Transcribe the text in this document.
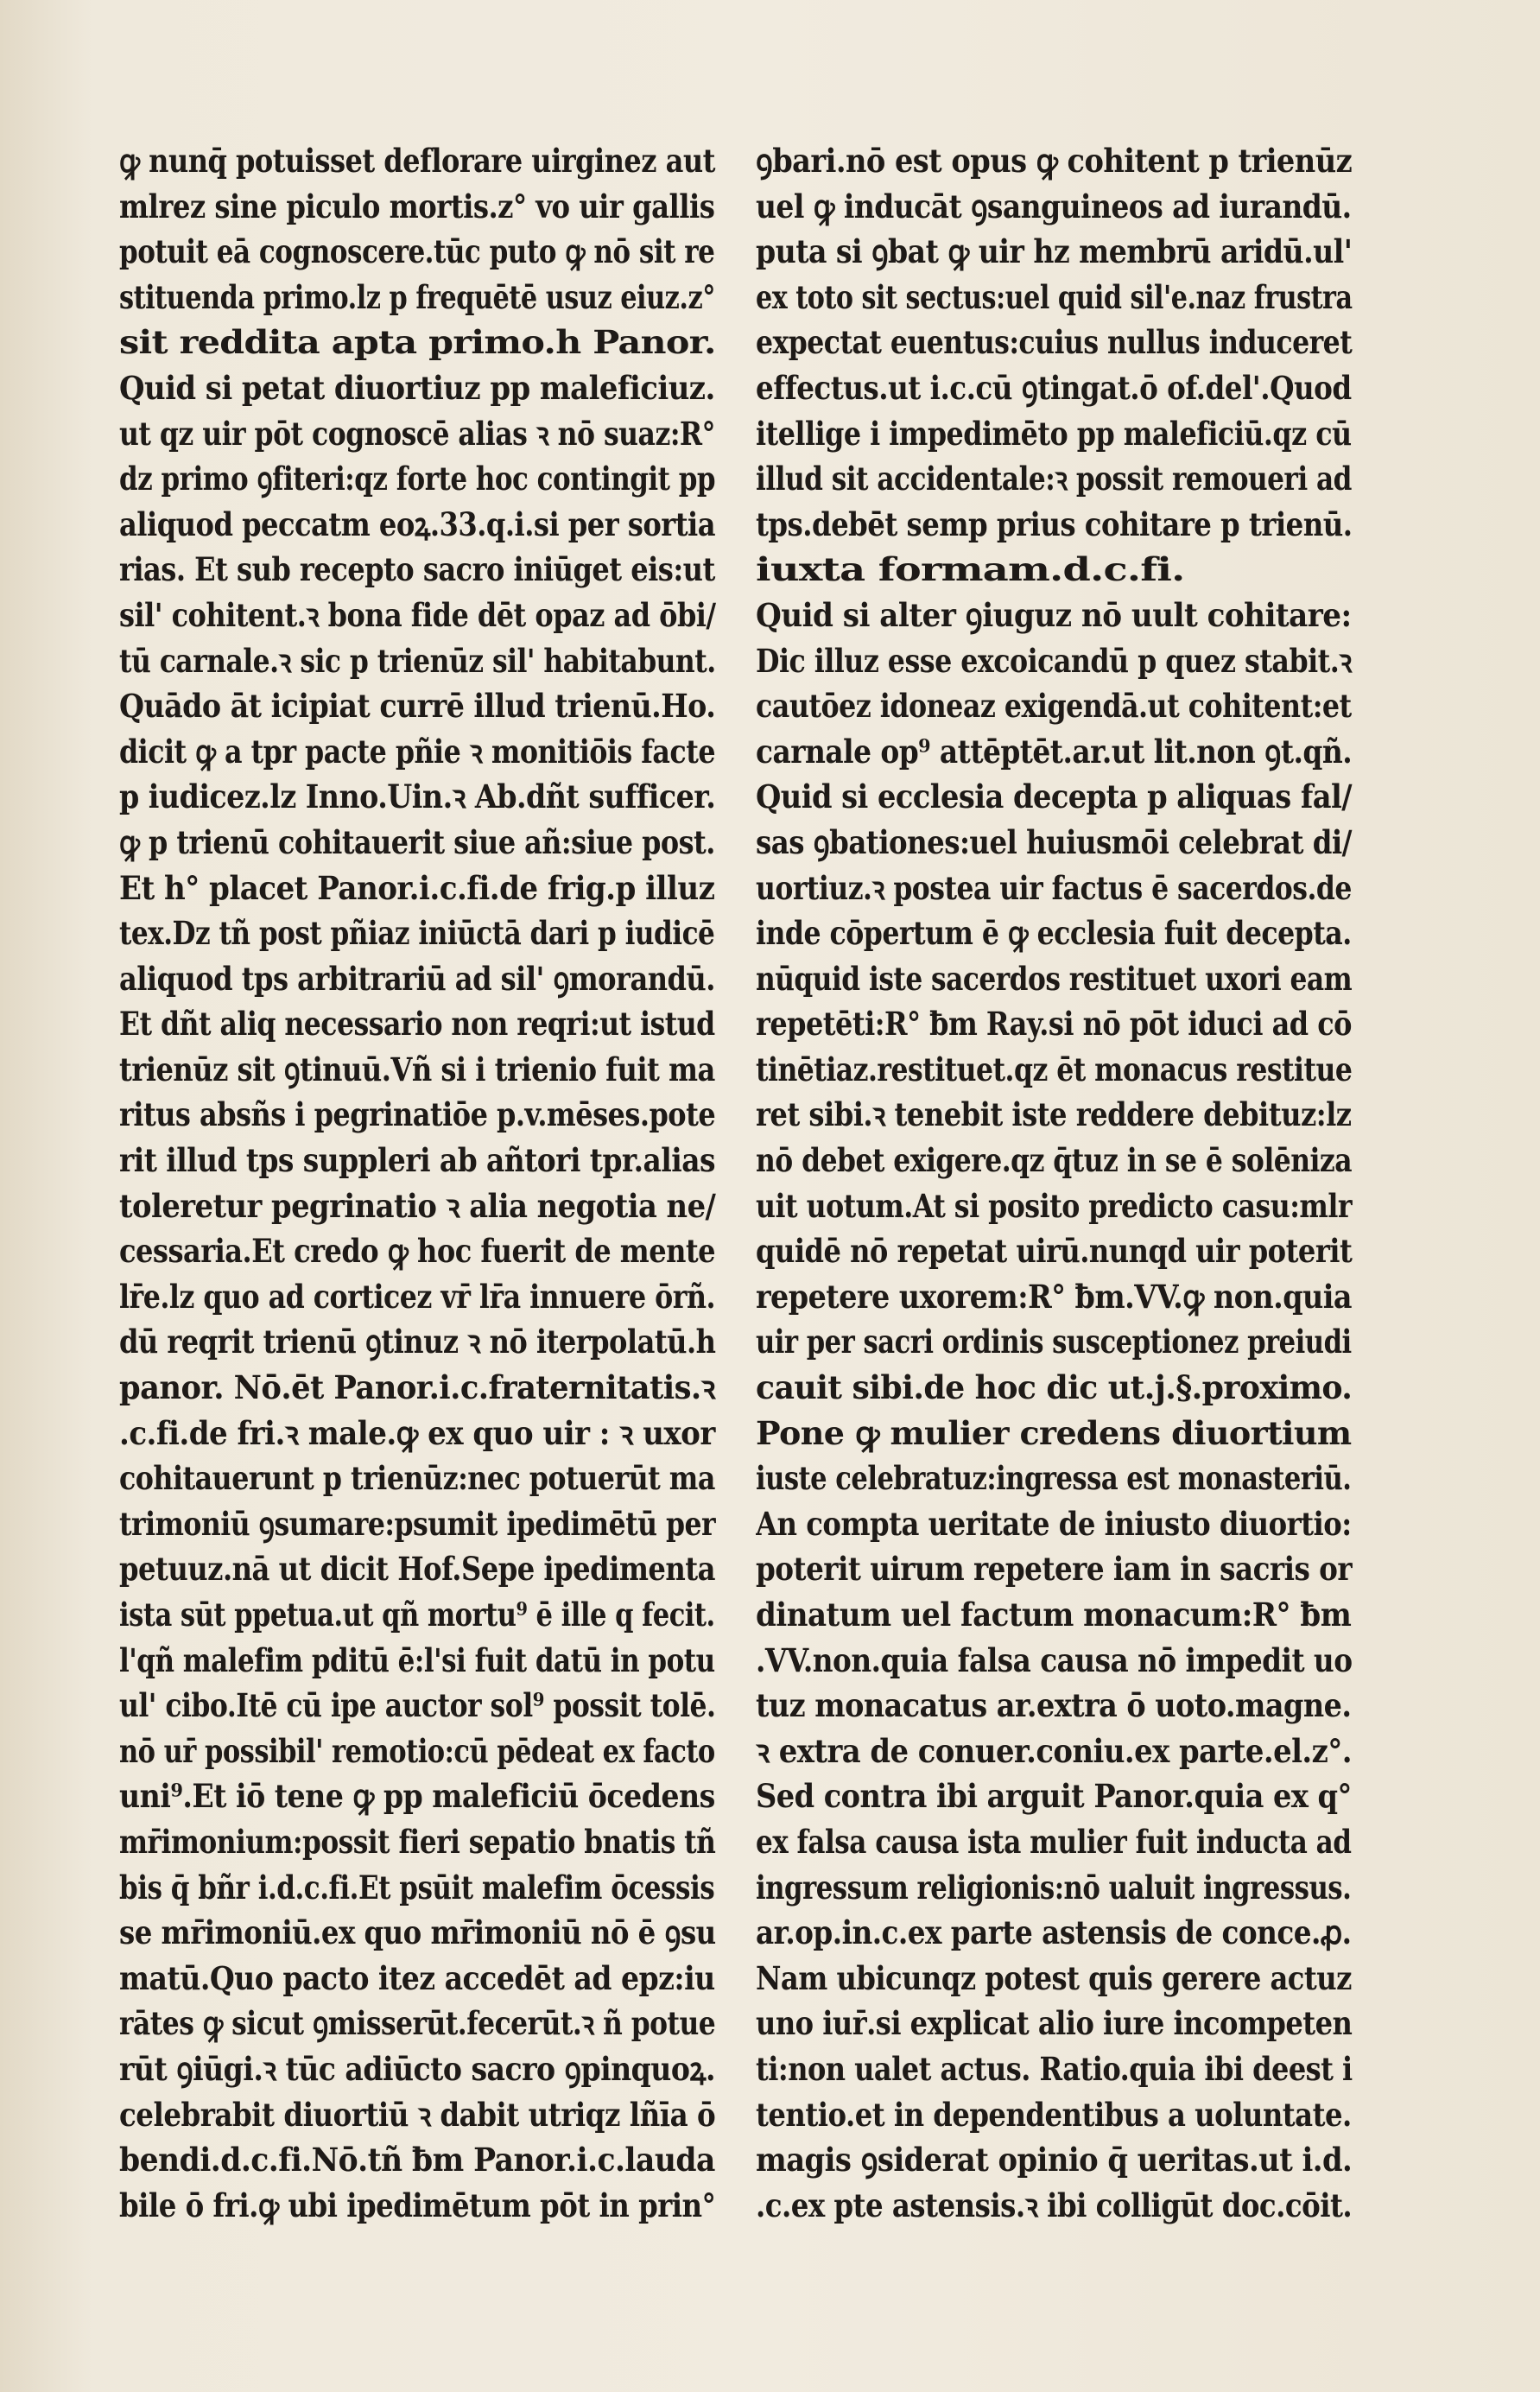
ꝙ nunq̄ potuisset deflorare uirginez aut
mlrez sine piculo mortis.z° vo uir gallis
potuit eā cognoscere.tūc puto ꝙ nō sit re
stituenda primo.lz p frequētē usuz eiuz.z°
sit reddita apta primo.h Panor.
Quid si petat diuortiuz pp maleficiuz.
ut qz uir pōt cognoscē alias ꝛ nō suaz:R°
dz primo ꝯfiteri:qz forte hoc contingit pp
aliquod peccatm eoꝝ.33.q.i.si per sortia
rias. Et sub recepto sacro iniūget eis:ut
sil' cohitent.ꝛ bona fide dēt opaz ad ōbi/
tū carnale.ꝛ sic p trienūz sil' habitabunt.
Quādo āt icipiat currē illud trienū.Ho.
dicit ꝙ a tpr pacte pñie ꝛ monitiōis facte
p iudicez.lz Inno.Uin.ꝛ Ab.dñt sufficer.
ꝙ p trienū cohitauerit siue añ:siue post.
Et h° placet Panor.i.c.fi.de frig.p illuz
tex.Dz tñ post pñiaz iniūctā dari p iudicē
aliquod tps arbitrariū ad sil' ꝯmorandū.
Et dñt aliq necessario non reqri:ut istud
trienūz sit ꝯtinuū.Vñ si i trienio fuit ma
ritus absñs i pegrinatiōe p.v.mēses.pote
rit illud tps suppleri ab añtori tpr.alias
toleretur pegrinatio ꝛ alia negotia ne/
cessaria.Et credo ꝙ hoc fuerit de mente
lr̄e.lz quo ad corticez vr̄ lr̄a innuere ōrñ.
dū reqrit trienū ꝯtinuz ꝛ nō iterpolatū.h
panor. Nō.ēt Panor.i.c.fraternitatis.ꝛ
.c.fi.de fri.ꝛ male.ꝙ ex quo uir : ꝛ uxor
cohitauerunt p trienūz:nec potuerūt ma
trimoniū ꝯsumare:psumit ipedimētū per
petuuz.nā ut dicit Hof.Sepe ipedimenta
ista sūt ppetua.ut qñ mortu⁹ ē ille q fecit.
l'qñ malefim pditū ē:l'si fuit datū in potu
ul' cibo.Itē cū ipe auctor sol⁹ possit tolē.
nō ur̄ possibil' remotio:cū pēdeat ex facto
uni⁹.Et iō tene ꝙ pp maleficiū ōcedens
mr̄imonium:possit fieri sepatio bnatis tñ
bis q̄ bñr i.d.c.fi.Et psūit malefim ōcessis
se mr̄imoniū.ex quo mr̄imoniū nō ē ꝯsu
matū.Quo pacto itez accedēt ad epz:iu
rātes ꝙ sicut ꝯmisserūt.fecerūt.ꝛ ñ potue
rūt ꝯiūgi.ꝛ tūc adiūcto sacro ꝯpinquoꝝ.
celebrabit diuortiū ꝛ dabit utriqz lñīa ō
bendi.d.c.fi.Nō.tñ ƀm Panor.i.c.lauda
bile ō fri.ꝙ ubi ipedimētum pōt in prin°
ꝯbari.nō est opus ꝙ cohitent p trienūz
uel ꝙ inducāt ꝯsanguineos ad iurandū.
puta si ꝯbat ꝙ uir hz membrū aridū.ul'
ex toto sit sectus:uel quid sil'e.naz frustra
expectat euentus:cuius nullus induceret
effectus.ut i.c.cū ꝯtingat.ō of.del'.Quod
itellige i impedimēto pp maleficiū.qz cū
illud sit accidentale:ꝛ possit remoueri ad
tps.debēt semp prius cohitare p trienū.
iuxta formam.d.c.fi.
Quid si alter ꝯiuguz nō uult cohitare:
Dic illuz esse excoicandū p quez stabit.ꝛ
cautōez idoneaz exigendā.ut cohitent:et
carnale op⁹ attēptēt.ar.ut lit.non ꝯt.qñ.
Quid si ecclesia decepta p aliquas fal/
sas ꝯbationes:uel huiusmōi celebrat di/
uortiuz.ꝛ postea uir factus ē sacerdos.de
inde cōpertum ē ꝙ ecclesia fuit decepta.
nūquid iste sacerdos restituet uxori eam
repetēti:R° ƀm Ray.si nō pōt iduci ad cō
tinētiaz.restituet.qz ēt monacus restitue
ret sibi.ꝛ tenebit iste reddere debituz:lz
nō debet exigere.qz q̄tuz in se ē solēniza
uit uotum.At si posito predicto casu:mlr
quidē nō repetat uirū.nunqd uir poterit
repetere uxorem:R° ƀm.VV.ꝙ non.quia
uir per sacri ordinis susceptionez preiudi
cauit sibi.de hoc dic ut.j.§.proximo.
Pone ꝙ mulier credens diuortium
iuste celebratuz:ingressa est monasteriū.
An compta ueritate de iniusto diuortio:
poterit uirum repetere iam in sacris or
dinatum uel factum monacum:R° ƀm
.VV.non.quia falsa causa nō impedit uo
tuz monacatus ar.extra ō uoto.magne.
ꝛ extra de conuer.coniu.ex parte.el.z°.
Sed contra ibi arguit Panor.quia ex q°
ex falsa causa ista mulier fuit inducta ad
ingressum religionis:nō ualuit ingressus.
ar.op.in.c.ex parte astensis de conce.ꝓ.
Nam ubicunqz potest quis gerere actuz
uno iur̄.si explicat alio iure incompeten
ti:non ualet actus. Ratio.quia ibi deest i
tentio.et in dependentibus a uoluntate.
magis ꝯsiderat opinio q̄ ueritas.ut i.d.
.c.ex pte astensis.ꝛ ibi colligūt doc.cōit.
